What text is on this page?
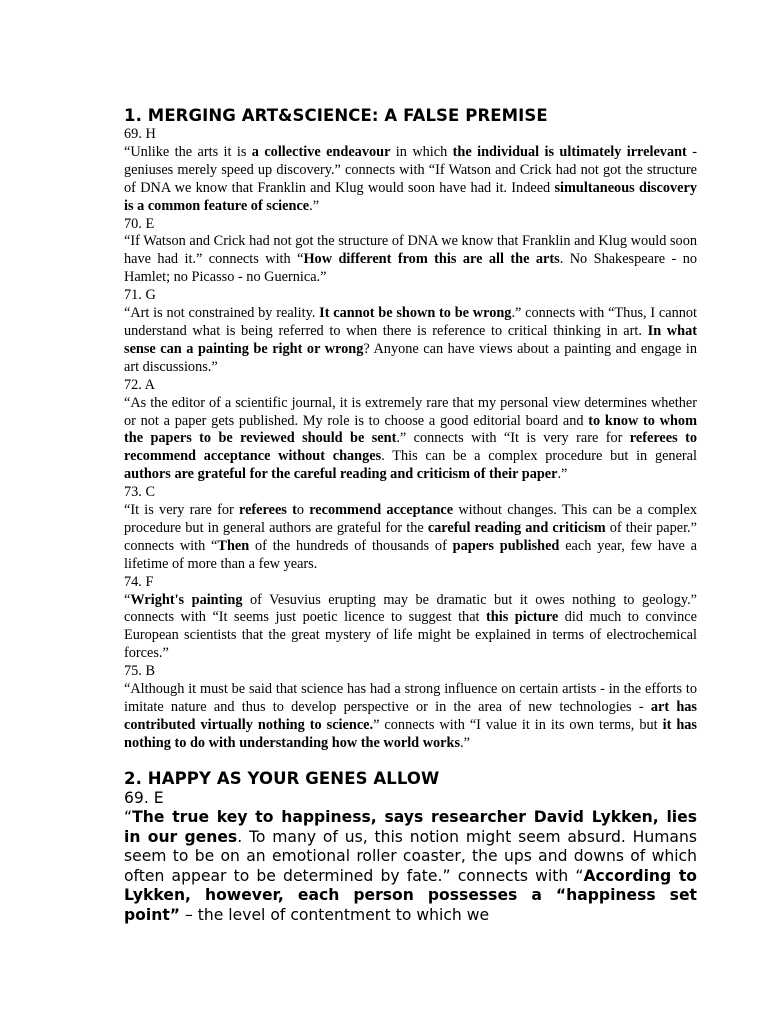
1. MERGING ART&SCIENCE: A FALSE PREMISE

69. H

“Unlike the arts it is a collective endeavour in which the individual is ultimately irrelevant - geniuses merely speed up discovery.” connects with “If Watson and Crick had not got the structure of DNA we know that Franklin and Klug would soon have had it. Indeed simultaneous discovery is a common feature of science.”

70. E

“If Watson and Crick had not got the structure of DNA we know that Franklin and Klug would soon have had it.” connects with “How different from this are all the arts. No Shakespeare - no Hamlet; no Picasso - no Guernica.”

71. G

“Art is not constrained by reality. It cannot be shown to be wrong.” connects with “Thus, I cannot understand what is being referred to when there is reference to critical thinking in art. In what sense can a painting be right or wrong? Anyone can have views about a painting and engage in art discussions.”

72. A

“As the editor of a scientific journal, it is extremely rare that my personal view determines whether or not a paper gets published. My role is to choose a good editorial board and to know to whom the papers to be reviewed should be sent.” connects with “It is very rare for referees to recommend acceptance without changes. This can be a complex procedure but in general authors are grateful for the careful reading and criticism of their paper.”

73. C

“It is very rare for referees to recommend acceptance without changes. This can be a complex procedure but in general authors are grateful for the careful reading and criticism of their paper.” connects with “Then of the hundreds of thousands of papers published each year, few have a lifetime of more than a few years.

74. F

“Wright's painting of Vesuvius erupting may be dramatic but it owes nothing to geology.” connects with “It seems just poetic licence to suggest that this picture did much to convince European scientists that the great mystery of life might be explained in terms of electrochemical forces.”

75. B

“Although it must be said that science has had a strong influence on certain artists - in the efforts to imitate nature and thus to develop perspective or in the area of new technologies - art has contributed virtually nothing to science.” connects with “I value it in its own terms, but it has nothing to do with understanding how the world works.”

2. HAPPY AS YOUR GENES ALLOW

69. E

“The true key to happiness, says researcher David Lykken, lies in our genes. To many of us, this notion might seem absurd. Humans seem to be on an emotional roller coaster, the ups and downs of which often appear to be determined by fate.” connects with “According to Lykken, however, each person possesses a “happiness set point” – the level of contentment to which we
